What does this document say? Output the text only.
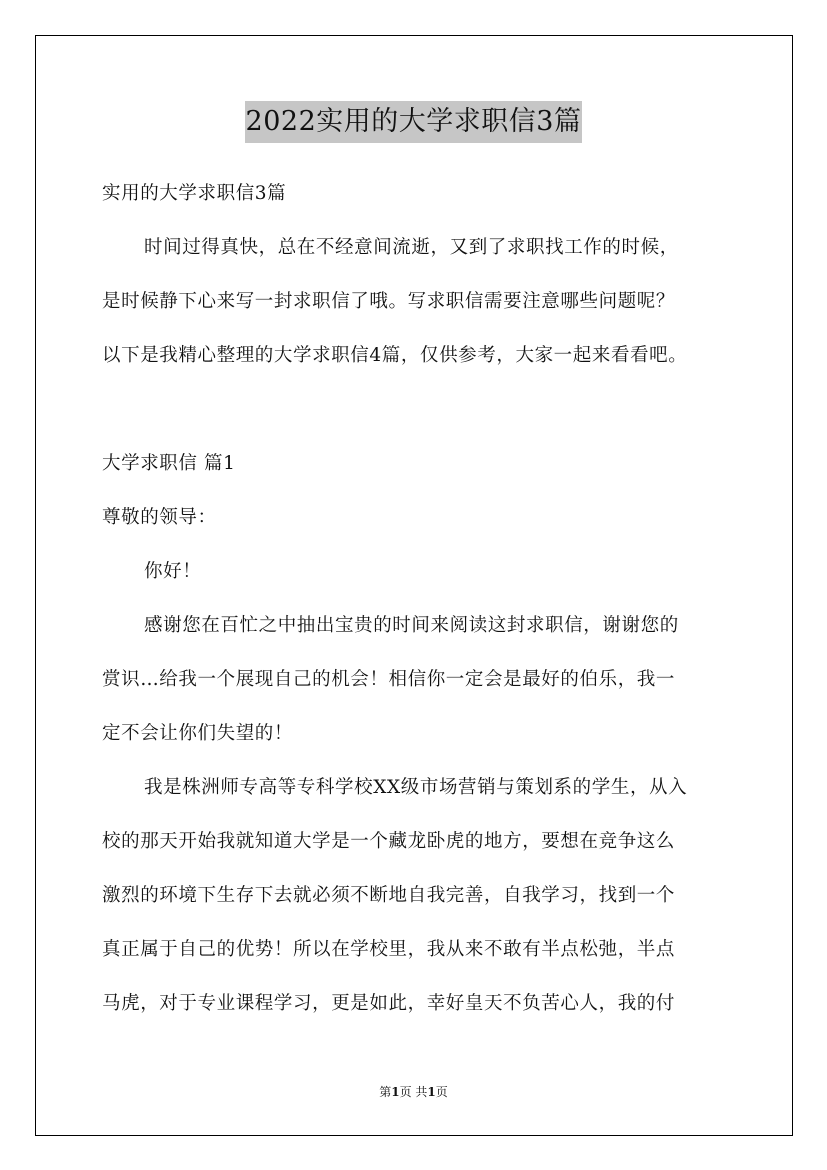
2022实用的大学求职信3篇
实用的大学求职信3篇
时间过得真快，总在不经意间流逝，又到了求职找工作的时候，
是时候静下心来写一封求职信了哦。写求职信需要注意哪些问题呢？
以下是我精心整理的大学求职信4篇，仅供参考，大家一起来看看吧。
大学求职信 篇1
尊敬的领导：
你好！
感谢您在百忙之中抽出宝贵的时间来阅读这封求职信，谢谢您的
赏识…给我一个展现自己的机会！相信你一定会是最好的伯乐，我一
定不会让你们失望的！
我是株洲师专高等专科学校XX级市场营销与策划系的学生，从入
校的那天开始我就知道大学是一个藏龙卧虎的地方，要想在竞争这么
激烈的环境下生存下去就必须不断地自我完善，自我学习，找到一个
真正属于自己的优势！所以在学校里，我从来不敢有半点松弛，半点
马虎，对于专业课程学习，更是如此，幸好皇天不负苦心人，我的付
第1页 共1页
